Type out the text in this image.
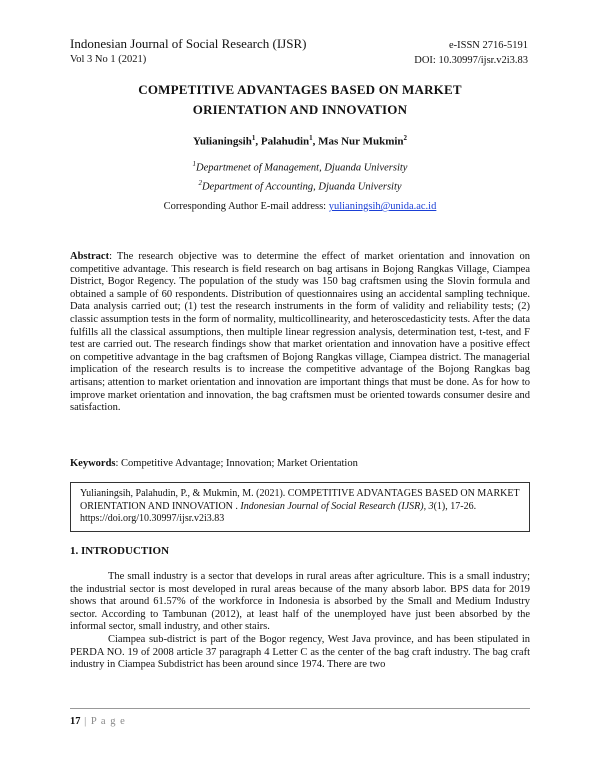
Indonesian Journal of Social Research (IJSR)
Vol 3 No 1 (2021)
e-ISSN 2716-5191
DOI: 10.30997/ijsr.v2i3.83
COMPETITIVE ADVANTAGES BASED ON MARKET
ORIENTATION AND INNOVATION
Yulianingsih$^1$, Palahudin$^1$, Mas Nur Mukmin$^2$
$^1$Departmenet of Management, Djuanda University
$^2$Department of Accounting, Djuanda University
Corresponding Author E-mail address: yulianingsih@unida.ac.id

Abstract: The research objective was to determine the effect of market orientation and innovation on competitive advantage. This research is field research on bag artisans in Bojong Rangkas Village, Ciampea District, Bogor Regency. The population of the study was 150 bag craftsmen using the Slovin formula and obtained a sample of 60 respondents. Distribution of questionnaires using an accidental sampling technique. Data analysis carried out; (1) test the research instruments in the form of validity and reliability tests; (2) classic assumption tests in the form of normality, multicollinearity, and heteroscedasticity tests. After the data fulfills all the classical assumptions, then multiple linear regression analysis, determination test, t-test, and F test are carried out. The research findings show that market orientation and innovation have a positive effect on competitive advantage in the bag craftsmen of Bojong Rangkas village, Ciampea district. The managerial implication of the research results is to increase the competitive advantage of the Bojong Rangkas bag artisans; attention to market orientation and innovation are important things that must be done. As for how to improve market orientation and innovation, the bag craftsmen must be oriented towards consumer desire and satisfaction.

Keywords: Competitive Advantage; Innovation; Market Orientation

Yulianingsih, Palahudin, P., & Mukmin, M. (2021). COMPETITIVE ADVANTAGES BASED ON MARKET ORIENTATION AND INNOVATION . Indonesian Journal of Social Research (IJSR), 3(1), 17-26. https://doi.org/10.30997/ijsr.v2i3.83
1. INTRODUCTION

The small industry is a sector that develops in rural areas after agriculture. This is a small industry; the industrial sector is most developed in rural areas because of the many absorb labor. BPS data for 2019 shows that around 61.57% of the workforce in Indonesia is absorbed by the Small and Medium Industry sector. According to Tambunan (2012), at least half of the unemployed have just been absorbed by the informal sector, small industry, and other stairs.

Ciampea sub-district is part of the Bogor regency, West Java province, and has been stipulated in PERDA NO. 19 of 2008 article 37 paragraph 4 Letter C as the center of the bag craft industry. The bag craft industry in Ciampea Subdistrict has been around since 1974. There are two

17 | P a g e
